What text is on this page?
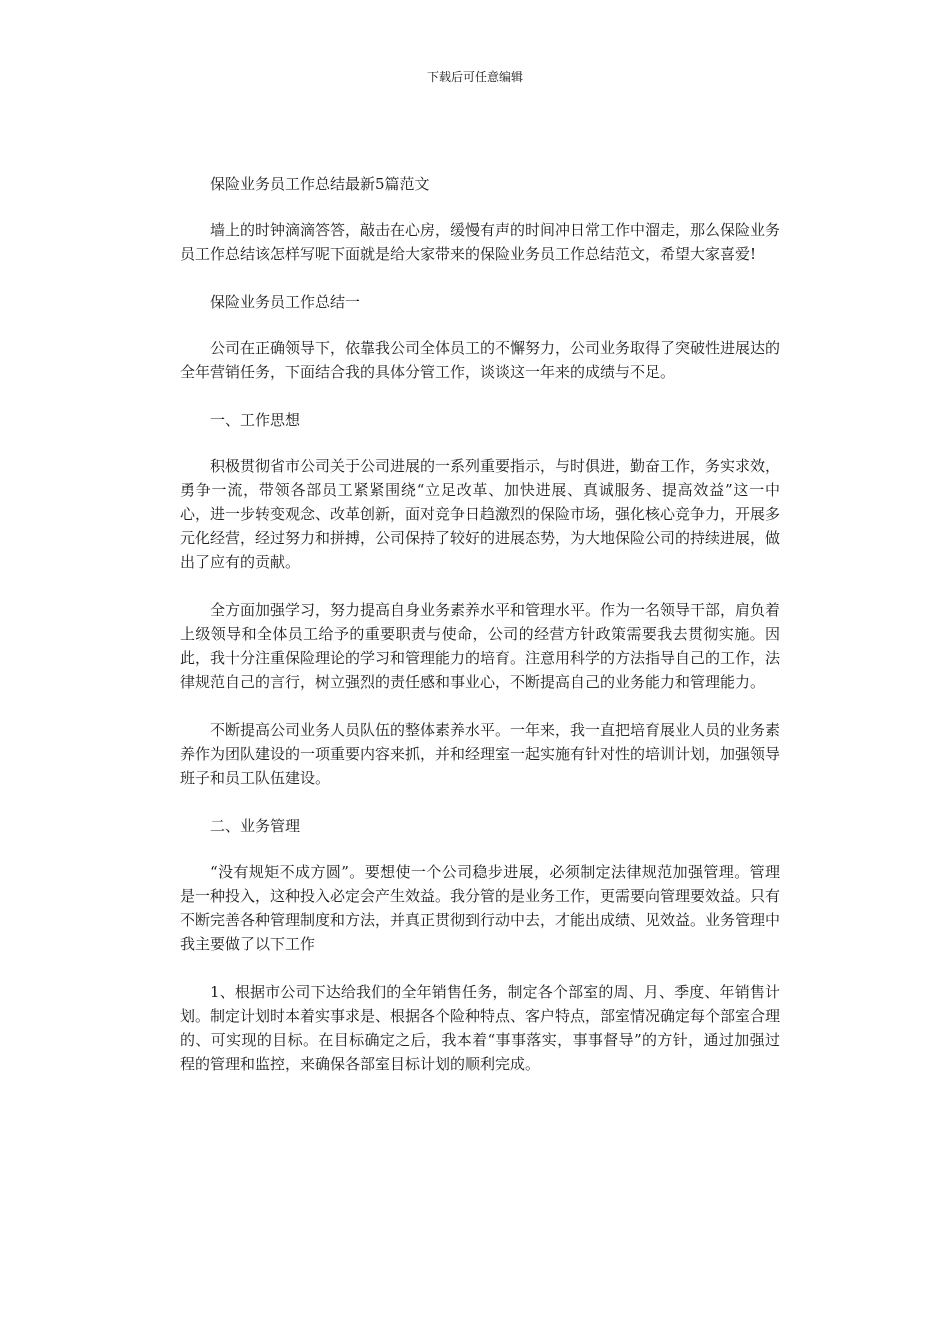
下载后可任意编辑

保险业务员工作总结最新5篇范文

墙上的时钟滴滴答答，敲击在心房，缓慢有声的时间冲日常工作中溜走，那么保险业务员工作总结该怎样写呢下面就是给大家带来的保险业务员工作总结范文，希望大家喜爱!

保险业务员工作总结一

公司在正确领导下，依靠我公司全体员工的不懈努力，公司业务取得了突破性进展达的全年营销任务，下面结合我的具体分管工作，谈谈这一年来的成绩与不足。

一、工作思想

积极贯彻省市公司关于公司进展的一系列重要指示，与时俱进，勤奋工作，务实求效，勇争一流，带领各部员工紧紧围绕“立足改革、加快进展、真诚服务、提高效益”这一中心，进一步转变观念、改革创新，面对竞争日趋激烈的保险市场，强化核心竞争力，开展多元化经营，经过努力和拼搏，公司保持了较好的进展态势，为大地保险公司的持续进展，做出了应有的贡献。

全方面加强学习，努力提高自身业务素养水平和管理水平。作为一名领导干部，肩负着上级领导和全体员工给予的重要职责与使命，公司的经营方针政策需要我去贯彻实施。因此，我十分注重保险理论的学习和管理能力的培育。注意用科学的方法指导自己的工作，法律规范自己的言行，树立强烈的责任感和事业心，不断提高自己的业务能力和管理能力。

不断提高公司业务人员队伍的整体素养水平。一年来，我一直把培育展业人员的业务素养作为团队建设的一项重要内容来抓，并和经理室一起实施有针对性的培训计划，加强领导班子和员工队伍建设。

二、业务管理

“没有规矩不成方圆”。要想使一个公司稳步进展，必须制定法律规范加强管理。管理是一种投入，这种投入必定会产生效益。我分管的是业务工作，更需要向管理要效益。只有不断完善各种管理制度和方法，并真正贯彻到行动中去，才能出成绩、见效益。业务管理中我主要做了以下工作

1、根据市公司下达给我们的全年销售任务，制定各个部室的周、月、季度、年销售计划。制定计划时本着实事求是、根据各个险种特点、客户特点，部室情况确定每个部室合理的、可实现的目标。在目标确定之后，我本着“事事落实，事事督导”的方针，通过加强过程的管理和监控，来确保各部室目标计划的顺利完成。
